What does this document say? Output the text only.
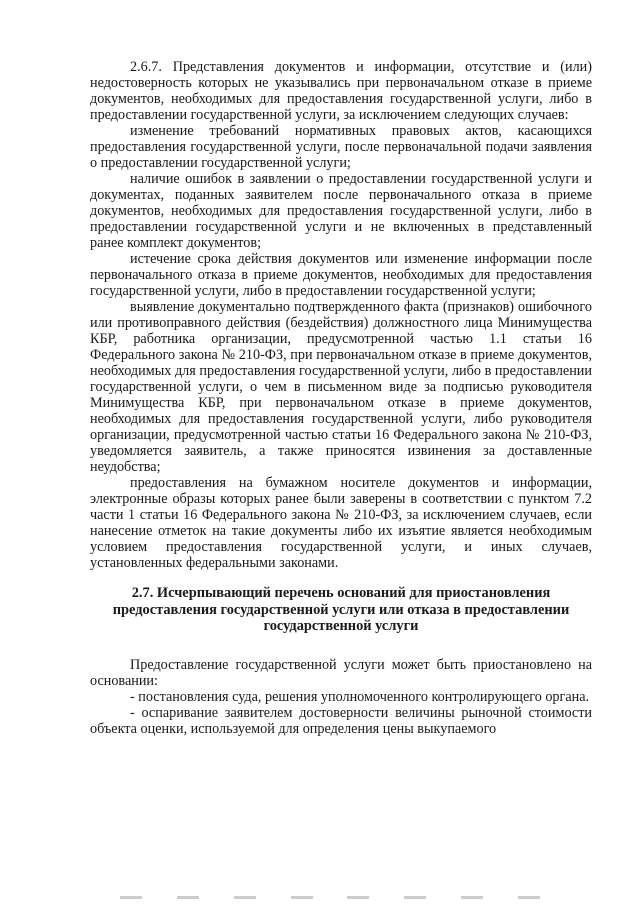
2.6.7. Представления документов и информации, отсутствие и (или) недостоверность которых не указывались при первоначальном отказе в приеме документов, необходимых для предоставления государственной услуги, либо в предоставлении государственной услуги, за исключением следующих случаев:

изменение требований нормативных правовых актов, касающихся предоставления государственной услуги, после первоначальной подачи заявления о предоставлении государственной услуги;

наличие ошибок в заявлении о предоставлении государственной услуги и документах, поданных заявителем после первоначального отказа в приеме документов, необходимых для предоставления государственной услуги, либо в предоставлении государственной услуги и не включенных в представленный ранее комплект документов;

истечение срока действия документов или изменение информации после первоначального отказа в приеме документов, необходимых для предоставления государственной услуги, либо в предоставлении государственной услуги;

выявление документально подтвержденного факта (признаков) ошибочного или противоправного действия (бездействия) должностного лица Минимущества КБР, работника организации, предусмотренной частью 1.1 статьи 16 Федерального закона № 210-ФЗ, при первоначальном отказе в приеме документов, необходимых для предоставления государственной услуги, либо в предоставлении государственной услуги, о чем в письменном виде за подписью руководителя Минимущества КБР, при первоначальном отказе в приеме документов, необходимых для предоставления государственной услуги, либо руководителя организации, предусмотренной частью статьи 16 Федерального закона № 210-ФЗ, уведомляется заявитель, а также приносятся извинения за доставленные неудобства;

предоставления на бумажном носителе документов и информации, электронные образы которых ранее были заверены в соответствии с пунктом 7.2 части 1 статьи 16 Федерального закона № 210-ФЗ, за исключением случаев, если нанесение отметок на такие документы либо их изъятие является необходимым условием предоставления государственной услуги, и иных случаев, установленных федеральными законами.

2.7. Исчерпывающий перечень оснований для приостановления предоставления государственной услуги или отказа в предоставлении государственной услуги

Предоставление государственной услуги может быть приостановлено на основании:

- постановления суда, решения уполномоченного контролирующего органа.

- оспаривание заявителем достоверности величины рыночной стоимости объекта оценки, используемой для определения цены выкупаемого
